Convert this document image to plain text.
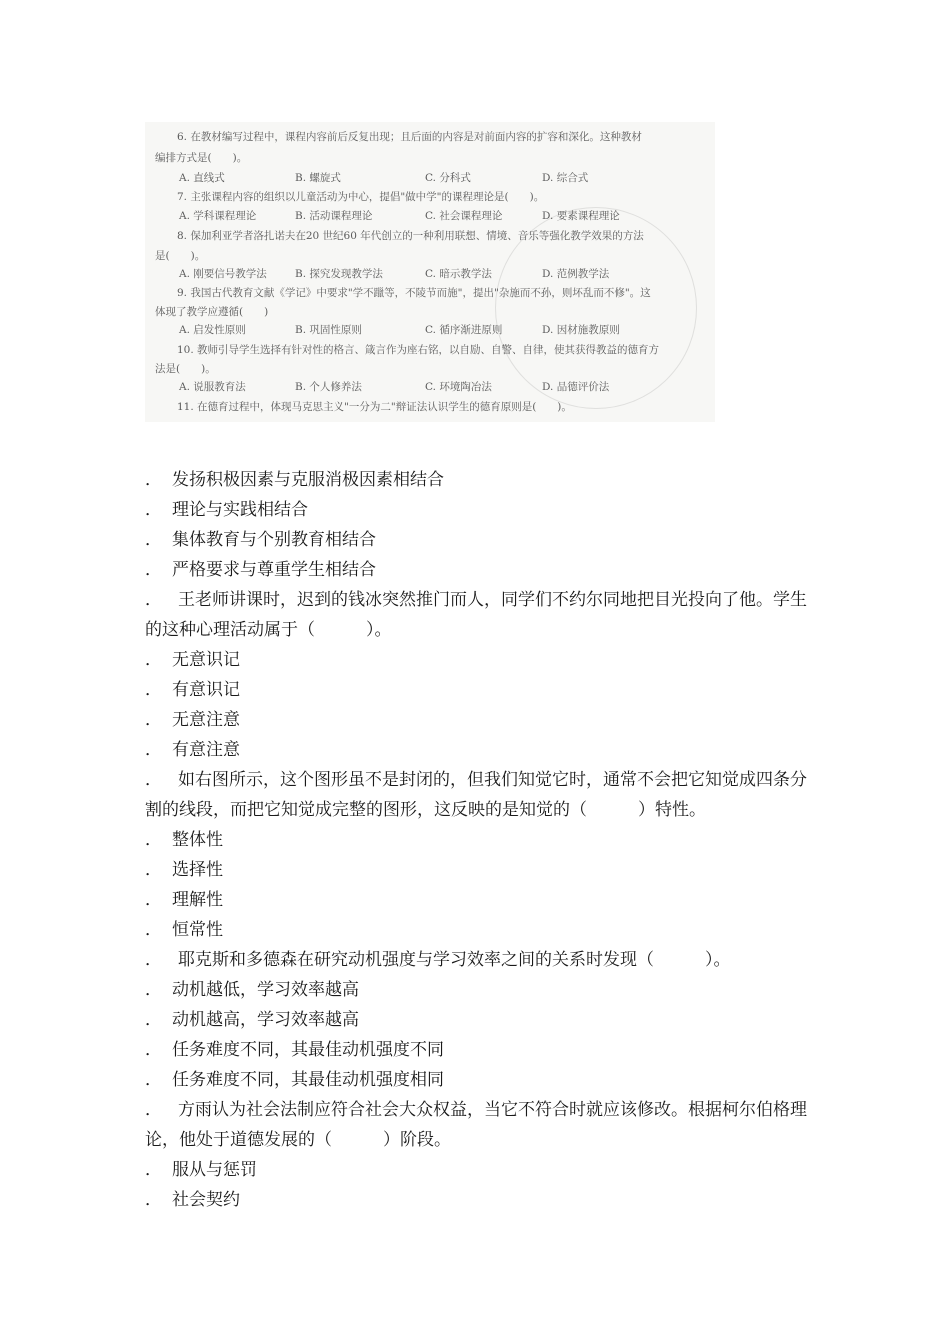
6. 在教材编写过程中，课程内容前后反复出现；且后面的内容是对前面内容的扩容和深化。这种教材
编排方式是(　　)。
A. 直线式	B. 螺旋式	C. 分科式	D. 综合式
7. 主张课程内容的组织以儿童活动为中心，提倡"做中学"的课程理论是(　　)。
A. 学科课程理论	B. 活动课程理论	C. 社会课程理论	D. 要素课程理论
8. 保加利亚学者洛扎诺夫在20 世纪60 年代创立的一种利用联想、情境、音乐等强化教学效果的方法
是(　　)。
A. 刚要信号教学法	B. 探究发现教学法	C. 暗示教学法	D. 范例教学法
9. 我国古代教育文献《学记》中要求"学不躐等，不陵节而施"，提出"杂施而不孙，则坏乱而不修"。这
体现了教学应遵循(　　)
A. 启发性原则	B. 巩固性原则	C. 循序渐进原则	D. 因材施教原则
10. 教师引导学生选择有针对性的格言、箴言作为座右铭，以自励、自警、自律，使其获得教益的德育方
法是(　　)。
A. 说服教育法	B. 个人修养法	C. 环境陶冶法	D. 品德评价法
11. 在德育过程中，体现马克思主义"一分为二"辩证法认识学生的德育原则是(　　)。
． 发扬积极因素与克服消极因素相结合
． 理论与实践相结合
． 集体教育与个别教育相结合
． 严格要求与尊重学生相结合
． 王老师讲课时，迟到的钱冰突然推门而人，同学们不约尔同地把目光投向了他。学生的这种心理活动属于（　　　）。
． 无意识记
． 有意识记
． 无意注意
． 有意注意
． 如右图所示，这个图形虽不是封闭的，但我们知觉它时，通常不会把它知觉成四条分割的线段，而把它知觉成完整的图形，这反映的是知觉的（　　　）特性。
． 整体性
． 选择性
． 理解性
． 恒常性
． 耶克斯和多德森在研究动机强度与学习效率之间的关系时发现（　　　）。
． 动机越低，学习效率越高
． 动机越高，学习效率越高
． 任务难度不同，其最佳动机强度不同
． 任务难度不同，其最佳动机强度相同
． 方雨认为社会法制应符合社会大众权益，当它不符合时就应该修改。根据柯尔伯格理论，他处于道德发展的（　　　）阶段。
． 服从与惩罚
． 社会契约
